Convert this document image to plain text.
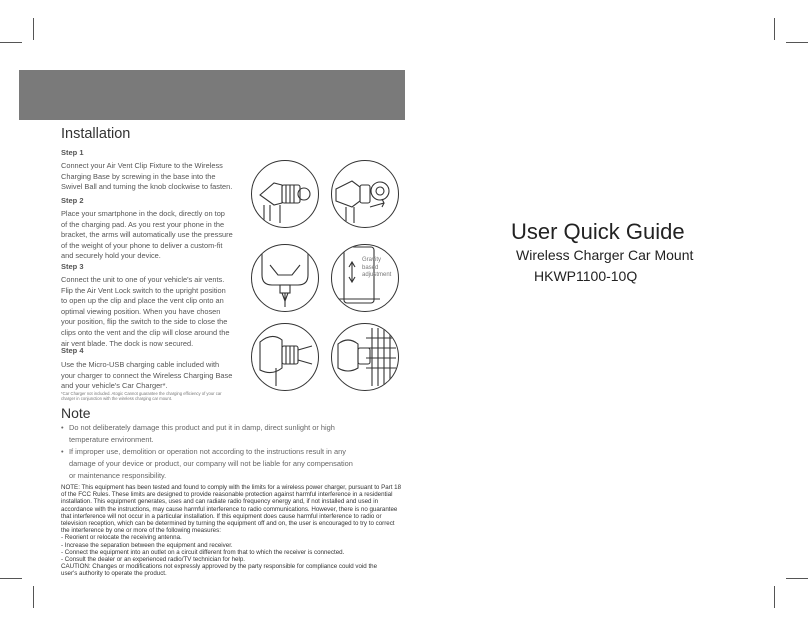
Installation
Step 1
Connect your Air Vent Clip Fixture to the Wireless
Charging Base by screwing in the base into the
Swivel Ball and turning the knob clockwise to fasten.
Step 2
Place your smartphone in the dock, directly on top
of the charging pad. As you rest your phone in the
bracket, the arms will automatically use the pressure
of the weight of your phone to deliver a custom-fit
and securely hold your device.
Step 3
Connect the unit to one of your vehicle's air vents.
Flip the Air Vent Lock switch to the upright position
to open up the clip and place the vent clip onto an
optimal viewing position. When you have chosen
your position, flip the switch to the side to close the
clips onto the vent and the clip will close around the
air vent blade. The dock is now secured.
Step 4
Use the Micro-USB charging cable included with
your charger to connect the Wireless Charging Base
and your vehicle's Car Charger*.
*Car Charger not included. Atogic Cannot guarantee the charging efficiency of your car
charger in conjunction with the wireless charging car mount.
Note
• Do not deliberately damage this product and put it in damp, direct sunlight or high
temperature environment.
• If improper use, demolition or operation not according to the instructions result in any
damage of your device or product, our company will not be liable for any compensation
or maintenance responsibility.
NOTE: This equipment has been tested and found to comply with the limits for a wireless power charger, pursuant to Part 18
of the FCC Rules. These limits are designed to provide reasonable protection against harmful interference in a residential
installation. This equipment generates, uses and can radiate radio frequency energy and, if not installed and used in
accordance with the instructions, may cause harmful interference to radio communications. However, there is no guarantee
that interference will not occur in a particular installation. If this equipment does cause harmful interference to radio or
television reception, which can be determined by turning the equipment off and on, the user is encouraged to try to correct
the interference by one or more of the following measures:
- Reorient or relocate the receiving antenna.
- Increase the separation between the equipment and receiver.
- Connect the equipment into an outlet on a circuit different from that to which the receiver is connected.
- Consult the dealer or an experienced radio/TV technician for help.
CAUTION: Changes or modifications not expressly approved by the party responsible for compliance could void the
user's authority to operate the product.
Gravity
based
adjustment
User Quick Guide
Wireless Charger Car Mount
HKWP1100-10Q
